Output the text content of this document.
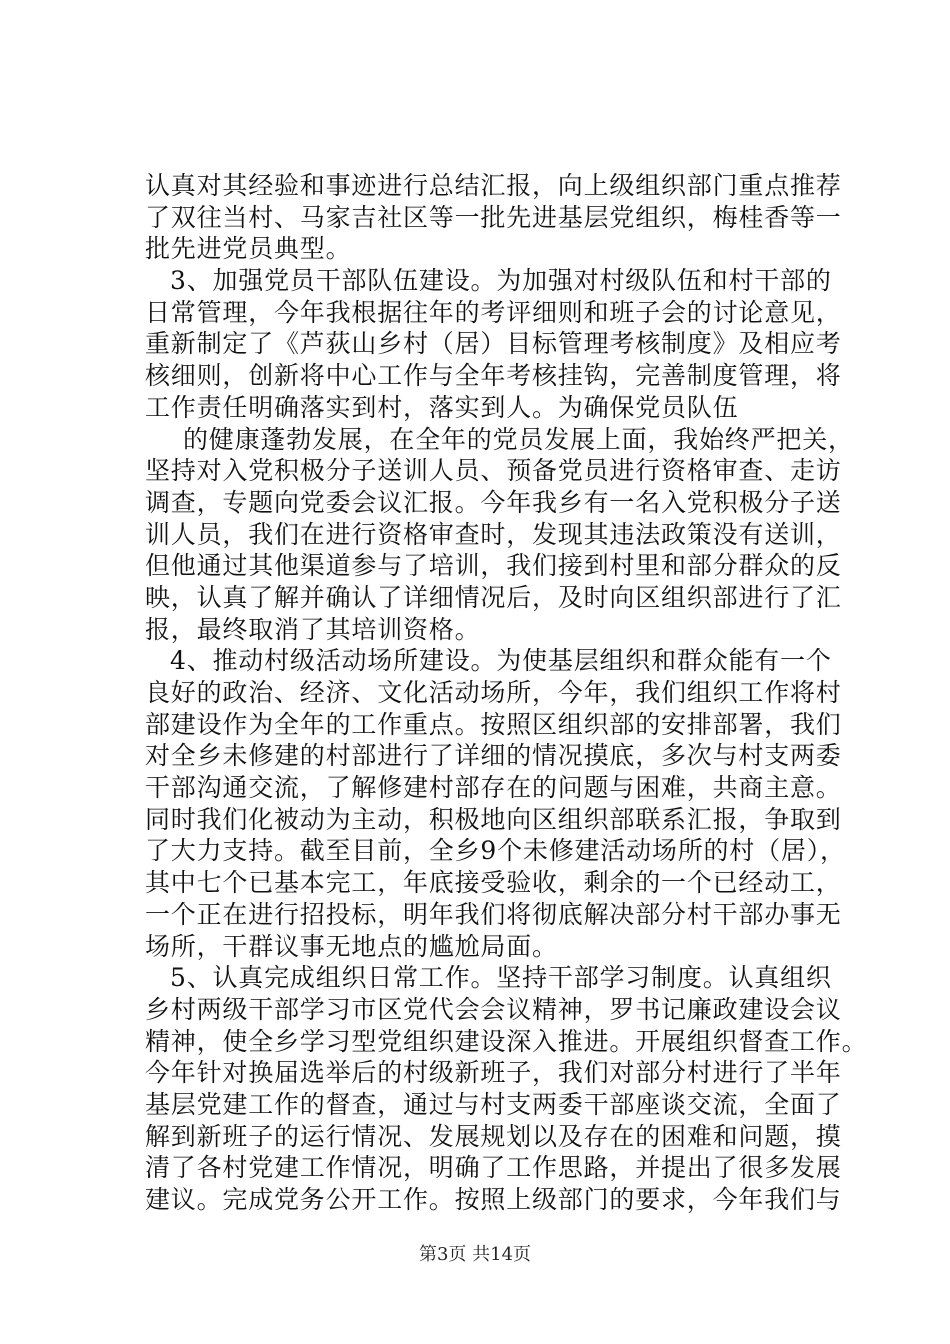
认真对其经验和事迹进行总结汇报，向上级组织部门重点推荐
了双往当村、马家吉社区等一批先进基层党组织，梅桂香等一
批先进党员典型。
3、加强党员干部队伍建设。为加强对村级队伍和村干部的
日常管理，今年我根据往年的考评细则和班子会的讨论意见，
重新制定了《芦荻山乡村（居）目标管理考核制度》及相应考
核细则，创新将中心工作与全年考核挂钩，完善制度管理，将
工作责任明确落实到村，落实到人。为确保党员队伍
的健康蓬勃发展，在全年的党员发展上面，我始终严把关，
坚持对入党积极分子送训人员、预备党员进行资格审查、走访
调查，专题向党委会议汇报。今年我乡有一名入党积极分子送
训人员，我们在进行资格审查时，发现其违法政策没有送训，
但他通过其他渠道参与了培训，我们接到村里和部分群众的反
映，认真了解并确认了详细情况后，及时向区组织部进行了汇
报，最终取消了其培训资格。
4、推动村级活动场所建设。为使基层组织和群众能有一个
良好的政治、经济、文化活动场所，今年，我们组织工作将村
部建设作为全年的工作重点。按照区组织部的安排部署，我们
对全乡未修建的村部进行了详细的情况摸底，多次与村支两委
干部沟通交流，了解修建村部存在的问题与困难，共商主意。
同时我们化被动为主动，积极地向区组织部联系汇报，争取到
了大力支持。截至目前，全乡9个未修建活动场所的村（居），
其中七个已基本完工，年底接受验收，剩余的一个已经动工，
一个正在进行招投标，明年我们将彻底解决部分村干部办事无
场所，干群议事无地点的尴尬局面。
5、认真完成组织日常工作。坚持干部学习制度。认真组织
乡村两级干部学习市区党代会会议精神，罗书记廉政建设会议
精神，使全乡学习型党组织建设深入推进。开展组织督查工作。
今年针对换届选举后的村级新班子，我们对部分村进行了半年
基层党建工作的督查，通过与村支两委干部座谈交流，全面了
解到新班子的运行情况、发展规划以及存在的困难和问题，摸
清了各村党建工作情况，明确了工作思路，并提出了很多发展
建议。完成党务公开工作。按照上级部门的要求，今年我们与
第3页 共14页
